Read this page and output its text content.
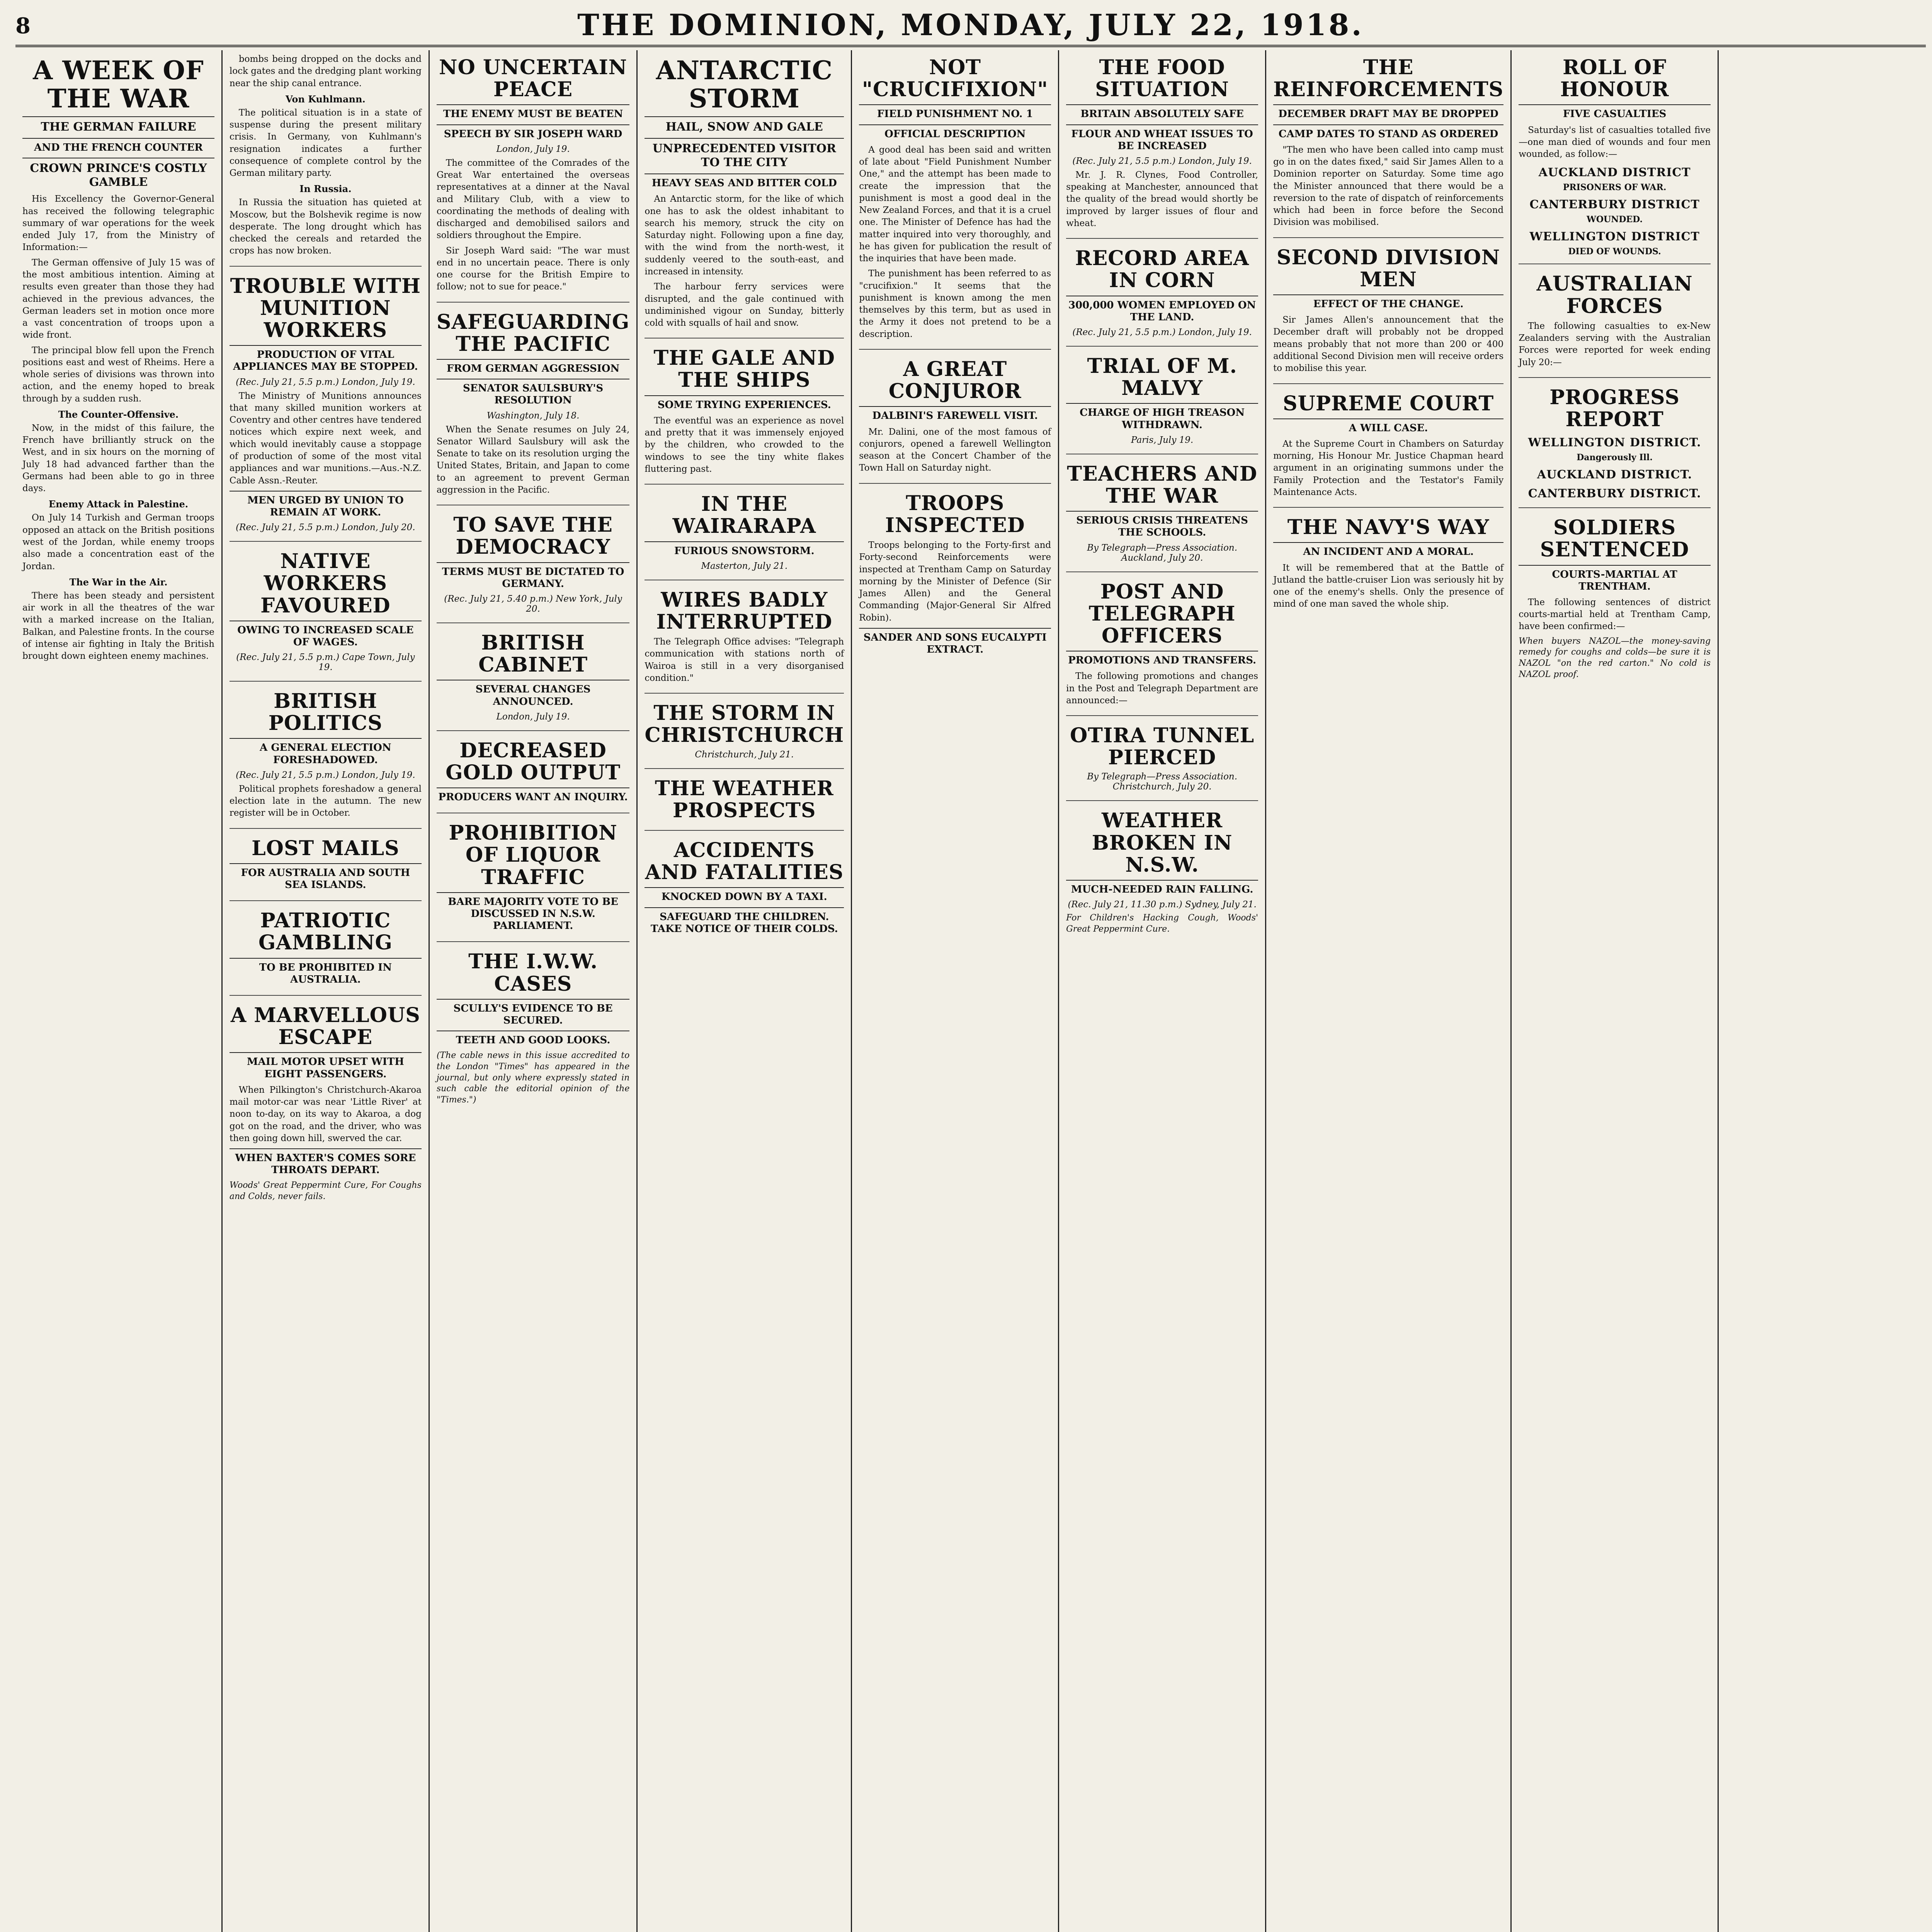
8	THE DOMINION, MONDAY, JULY 22, 1918.
A WEEK OF THE WAR
THE GERMAN FAILURE
AND THE FRENCH COUNTER
CROWN PRINCE'S COSTLY GAMBLE

His Excellency the Governor-General has received the following telegraphic summary of war operations for the week ended July 17, from the Ministry of Information:—

The German offensive of July 15 was of the most ambitious intention. Aiming at results even greater than those they had achieved in the previous advances, the German leaders set in motion once more a vast concentration of troops upon a wide front.

The principal blow fell upon the French positions east and west of Rheims. Here a whole series of divisions was thrown into action, and the enemy hoped to break through by a sudden rush.

The Counter-Offensive.

Now, in the midst of this failure, the French have brilliantly struck on the West, and in six hours on the morning of July 18 had advanced farther than the Germans had been able to go in three days.

Enemy Attack in Palestine.

On July 14 Turkish and German troops opposed an attack on the British positions west of the Jordan, while enemy troops also made a concentration east of the Jordan.

The War in the Air.

There has been steady and persistent air work in all the theatres of the war with a marked increase on the Italian, Balkan, and Palestine fronts. In the course of intense air fighting in Italy the British brought down eighteen enemy machines.

bombs being dropped on the docks and lock gates and the dredging plant working near the ship canal entrance.

Von Kuhlmann.

The political situation is in a state of suspense during the present military crisis. In Germany, von Kuhlmann's resignation indicates a further consequence of complete control by the German military party.

In Russia.

In Russia the situation has quieted at Moscow, but the Bolshevik regime is now desperate. The long drought which has checked the cereals and retarded the crops has now broken.

TROUBLE WITH MUNITION WORKERS
PRODUCTION OF VITAL APPLIANCES MAY BE STOPPED.
(Rec. July 21, 5.5 p.m.) London, July 19.

The Ministry of Munitions announces that many skilled munition workers at Coventry and other centres have tendered notices which expire next week, and which would inevitably cause a stoppage of production of some of the most vital appliances and war munitions.—Aus.-N.Z. Cable Assn.-Reuter.

MEN URGED BY UNION TO REMAIN AT WORK.
(Rec. July 21, 5.5 p.m.) London, July 20.
NATIVE WORKERS FAVOURED
OWING TO INCREASED SCALE OF WAGES.
(Rec. July 21, 5.5 p.m.) Cape Town, July 19.
BRITISH POLITICS
A GENERAL ELECTION FORESHADOWED.
(Rec. July 21, 5.5 p.m.) London, July 19.

Political prophets foreshadow a general election late in the autumn. The new register will be in October.

LOST MAILS
FOR AUSTRALIA AND SOUTH SEA ISLANDS.
PATRIOTIC GAMBLING
TO BE PROHIBITED IN AUSTRALIA.
A MARVELLOUS ESCAPE
MAIL MOTOR UPSET WITH EIGHT PASSENGERS.

When Pilkington's Christchurch-Akaroa mail motor-car was near 'Little River' at noon to-day, on its way to Akaroa, a dog got on the road, and the driver, who was then going down hill, swerved the car.

WHEN BAXTER'S COMES SORE THROATS DEPART.

Woods' Great Peppermint Cure, For Coughs and Colds, never fails.

NO UNCERTAIN PEACE
THE ENEMY MUST BE BEATEN
SPEECH BY SIR JOSEPH WARD
London, July 19.

The committee of the Comrades of the Great War entertained the overseas representatives at a dinner at the Naval and Military Club, with a view to coordinating the methods of dealing with discharged and demobilised sailors and soldiers throughout the Empire.

Sir Joseph Ward said: "The war must end in no uncertain peace. There is only one course for the British Empire to follow; not to sue for peace."

SAFEGUARDING THE PACIFIC
FROM GERMAN AGGRESSION
SENATOR SAULSBURY'S RESOLUTION
Washington, July 18.

When the Senate resumes on July 24, Senator Willard Saulsbury will ask the Senate to take on its resolution urging the United States, Britain, and Japan to come to an agreement to prevent German aggression in the Pacific.

TO SAVE THE DEMOCRACY
TERMS MUST BE DICTATED TO GERMANY.
(Rec. July 21, 5.40 p.m.) New York, July 20.
BRITISH CABINET
SEVERAL CHANGES ANNOUNCED.
London, July 19.
DECREASED GOLD OUTPUT
PRODUCERS WANT AN INQUIRY.
PROHIBITION OF LIQUOR TRAFFIC
BARE MAJORITY VOTE TO BE DISCUSSED IN N.S.W. PARLIAMENT.
THE I.W.W. CASES
SCULLY'S EVIDENCE TO BE SECURED.
TEETH AND GOOD LOOKS.

(The cable news in this issue accredited to the London "Times" has appeared in the journal, but only where expressly stated in such cable the editorial opinion of the "Times.")

ANTARCTIC STORM
HAIL, SNOW AND GALE
UNPRECEDENTED VISITOR TO THE CITY
HEAVY SEAS AND BITTER COLD

An Antarctic storm, for the like of which one has to ask the oldest inhabitant to search his memory, struck the city on Saturday night. Following upon a fine day, with the wind from the north-west, it suddenly veered to the south-east, and increased in intensity.

The harbour ferry services were disrupted, and the gale continued with undiminished vigour on Sunday, bitterly cold with squalls of hail and snow.

THE GALE AND THE SHIPS
SOME TRYING EXPERIENCES.

The eventful was an experience as novel and pretty that it was immensely enjoyed by the children, who crowded to the windows to see the tiny white flakes fluttering past.

IN THE WAIRARAPA
FURIOUS SNOWSTORM.
Masterton, July 21.
WIRES BADLY INTERRUPTED

The Telegraph Office advises: "Telegraph communication with stations north of Wairoa is still in a very disorganised condition."

THE STORM IN CHRISTCHURCH
Christchurch, July 21.
THE WEATHER PROSPECTS
ACCIDENTS AND FATALITIES
KNOCKED DOWN BY A TAXI.
SAFEGUARD THE CHILDREN. TAKE NOTICE OF THEIR COLDS.
NOT "CRUCIFIXION"
FIELD PUNISHMENT NO. 1
OFFICIAL DESCRIPTION

A good deal has been said and written of late about "Field Punishment Number One," and the attempt has been made to create the impression that the punishment is most a good deal in the New Zealand Forces, and that it is a cruel one. The Minister of Defence has had the matter inquired into very thoroughly, and he has given for publication the result of the inquiries that have been made.

The punishment has been referred to as "crucifixion." It seems that the punishment is known among the men themselves by this term, but as used in the Army it does not pretend to be a description.

A GREAT CONJUROR
DALBINI'S FAREWELL VISIT.

Mr. Dalini, one of the most famous of conjurors, opened a farewell Wellington season at the Concert Chamber of the Town Hall on Saturday night.

TROOPS INSPECTED

Troops belonging to the Forty-first and Forty-second Reinforcements were inspected at Trentham Camp on Saturday morning by the Minister of Defence (Sir James Allen) and the General Commanding (Major-General Sir Alfred Robin).

SANDER AND SONS EUCALYPTI EXTRACT.
THE FOOD SITUATION
BRITAIN ABSOLUTELY SAFE
FLOUR AND WHEAT ISSUES TO BE INCREASED
(Rec. July 21, 5.5 p.m.) London, July 19.

Mr. J. R. Clynes, Food Controller, speaking at Manchester, announced that the quality of the bread would shortly be improved by larger issues of flour and wheat.

RECORD AREA IN CORN
300,000 WOMEN EMPLOYED ON THE LAND.
(Rec. July 21, 5.5 p.m.) London, July 19.
TRIAL OF M. MALVY
CHARGE OF HIGH TREASON WITHDRAWN.
Paris, July 19.
TEACHERS AND THE WAR
SERIOUS CRISIS THREATENS THE SCHOOLS.
By Telegraph—Press Association. Auckland, July 20.
POST AND TELEGRAPH OFFICERS
PROMOTIONS AND TRANSFERS.

The following promotions and changes in the Post and Telegraph Department are announced:—

OTIRA TUNNEL PIERCED
By Telegraph—Press Association. Christchurch, July 20.
WEATHER BROKEN IN N.S.W.
MUCH-NEEDED RAIN FALLING.
(Rec. July 21, 11.30 p.m.) Sydney, July 21.

For Children's Hacking Cough, Woods' Great Peppermint Cure.

THE REINFORCEMENTS
DECEMBER DRAFT MAY BE DROPPED
CAMP DATES TO STAND AS ORDERED

"The men who have been called into camp must go in on the dates fixed," said Sir James Allen to a Dominion reporter on Saturday. Some time ago the Minister announced that there would be a reversion to the rate of dispatch of reinforcements which had been in force before the Second Division was mobilised.

SECOND DIVISION MEN
EFFECT OF THE CHANGE.

Sir James Allen's announcement that the December draft will probably not be dropped means probably that not more than 200 or 400 additional Second Division men will receive orders to mobilise this year.

SUPREME COURT
A WILL CASE.

At the Supreme Court in Chambers on Saturday morning, His Honour Mr. Justice Chapman heard argument in an originating summons under the Family Protection and the Testator's Family Maintenance Acts.

THE NAVY'S WAY
AN INCIDENT AND A MORAL.

It will be remembered that at the Battle of Jutland the battle-cruiser Lion was seriously hit by one of the enemy's shells. Only the presence of mind of one man saved the whole ship.

ROLL OF HONOUR
FIVE CASUALTIES

Saturday's list of casualties totalled five—one man died of wounds and four men wounded, as follow:—

AUCKLAND DISTRICT
PRISONERS OF WAR.
CANTERBURY DISTRICT
WOUNDED.
WELLINGTON DISTRICT
DIED OF WOUNDS.
AUSTRALIAN FORCES

The following casualties to ex-New Zealanders serving with the Australian Forces were reported for week ending July 20:—

PROGRESS REPORT
WELLINGTON DISTRICT.
Dangerously Ill.
AUCKLAND DISTRICT.
CANTERBURY DISTRICT.
SOLDIERS SENTENCED
COURTS-MARTIAL AT TRENTHAM.

The following sentences of district courts-martial held at Trentham Camp, have been confirmed:—

When buyers NAZOL—the money-saving remedy for coughs and colds—be sure it is NAZOL "on the red carton." No cold is NAZOL proof.
